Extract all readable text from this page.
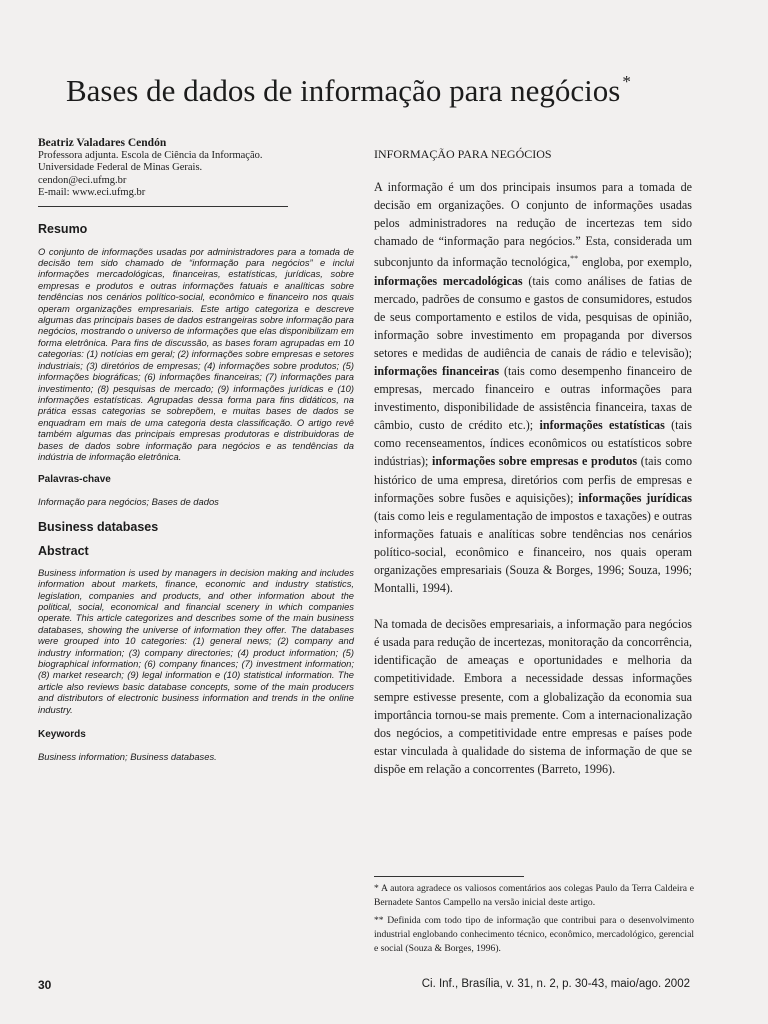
Bases de dados de informação para negócios *

Beatriz Valadares Cendón

Professora adjunta. Escola de Ciência da Informação.

Universidade Federal de Minas Gerais.

cendon@eci.ufmg.br

E-mail: www.eci.ufmg.br

Resumo

O conjunto de informações usadas por administradores para a tomada de decisão tem sido chamado de “informação para negócios” e inclui informações mercadológicas, financeiras, estatísticas, jurídicas, sobre empresas e produtos e outras informações fatuais e analíticas sobre tendências nos cenários político-social, econômico e financeiro nos quais operam organizações empresariais. Este artigo categoriza e descreve algumas das principais bases de dados estrangeiras sobre informação para negócios, mostrando o universo de informações que elas disponibilizam em forma eletrônica. Para fins de discussão, as bases foram agrupadas em 10 categorias: (1) notícias em geral; (2) informações sobre empresas e setores industriais; (3) diretórios de empresas; (4) informações sobre produtos; (5) informações biográficas; (6) informações financeiras; (7) informações para investimento; (8) pesquisas de mercado; (9) informações jurídicas e (10) informações estatísticas. Agrupadas dessa forma para fins didáticos, na prática essas categorias se sobrepõem, e muitas bases de dados se enquadram em mais de uma categoria desta classificação. O artigo revê também algumas das principais empresas produtoras e distribuidoras de bases de dados sobre informação para negócios e as tendências da indústria de informação eletrônica.

Palavras-chave

Informação para negócios; Bases de dados

Business databases
Abstract

Business information is used by managers in decision making and includes information about markets, finance, economic and industry statistics, legislation, companies and products, and other information about the political, social, economical and financial scenery in which companies operate. This article categorizes and describes some of the main business databases, showing the universe of information they offer. The databases were grouped into 10 categories: (1) general news; (2) company and industry information; (3) company directories; (4) product information; (5) biographical information; (6) company finances; (7) investment information; (8) market research; (9) legal information e (10) statistical information. The article also reviews basic database concepts, some of the main producers and distributors of electronic business information and trends in the online industry.

Keywords

Business information; Business databases.

INFORMAÇÃO PARA NEGÓCIOS

A informação é um dos principais insumos para a tomada de decisão em organizações. O conjunto de informações usadas pelos administradores na redução de incertezas tem sido chamado de “informação para negócios.” Esta, considerada um subconjunto da informação tecnológica,** engloba, por exemplo, informações mercadológicas (tais como análises de fatias de mercado, padrões de consumo e gastos de consumidores, estudos de seus comportamento e estilos de vida, pesquisas de opinião, informação sobre investimento em propaganda por diversos setores e medidas de audiência de canais de rádio e televisão); informações financeiras (tais como desempenho financeiro de empresas, mercado financeiro e outras informações para investimento, disponibilidade de assistência financeira, taxas de câmbio, custo de crédito etc.); informações estatísticas (tais como recenseamentos, índices econômicos ou estatísticos sobre indústrias); informações sobre empresas e produtos (tais como histórico de uma empresa, diretórios com perfis de empresas e informações sobre fusões e aquisições); informações jurídicas (tais como leis e regulamentação de impostos e taxações) e outras informações fatuais e analíticas sobre tendências nos cenários político-social, econômico e financeiro, nos quais operam organizações empresariais (Souza & Borges, 1996; Souza, 1996; Montalli, 1994).

Na tomada de decisões empresariais, a informação para negócios é usada para redução de incertezas, monitoração da concorrência, identificação de ameaças e oportunidades e melhoria da competitividade. Embora a necessidade dessas informações sempre estivesse presente, com a globalização da economia sua importância tornou-se mais premente. Com a internacionalização dos negócios, a competitividade entre empresas e países pode estar vinculada à qualidade do sistema de informação de que se dispõe em relação a concorrentes (Barreto, 1996).

* A autora agradece os valiosos comentários aos colegas Paulo da Terra Caldeira e Bernadete Santos Campello na versão inicial deste artigo.

** Definida com todo tipo de informação que contribui para o desenvolvimento industrial englobando conhecimento técnico, econômico, mercadológico, gerencial e social (Souza & Borges, 1996).

30	Ci. Inf., Brasília, v. 31, n. 2, p. 30-43, maio/ago. 2002
